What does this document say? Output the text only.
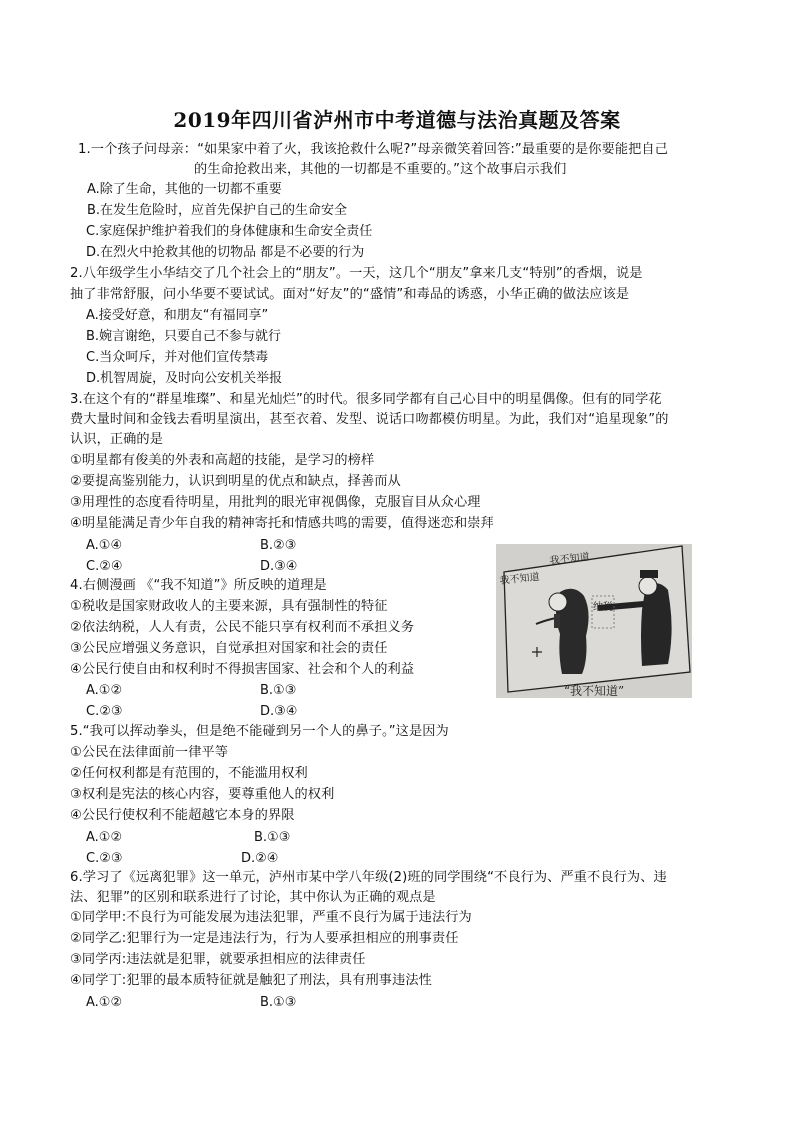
2019年四川省泸州市中考道德与法治真题及答案
1.一个孩子问母亲：“如果家中着了火，我该抢救什么呢?”母亲微笑着回答:”最重要的是你要能把自己
的生命抢救出来，其他的一切都是不重要的。”这个故事启示我们
A.除了生命，其他的一切都不重要
B.在发生危险时，应首先保护自己的生命安全
C.家庭保护维护着我们的身体健康和生命安全责任
D.在烈火中抢救其他的切物品 都是不必要的行为
2.八年级学生小华结交了几个社会上的“朋友”。一天，这几个“朋友”拿来几支“特别”的香烟，说是
抽了非常舒服，问小华要不要试试。面对“好友”的“盛情”和毒品的诱惑，小华正确的做法应该是
A.接受好意，和朋友“有福同享”
B.婉言谢绝，只要自己不参与就行
C.当众呵斥，并对他们宣传禁毒
D.机智周旋，及时向公安机关举报
3.在这个有的“群星堆璨”、和星光灿烂”的时代。很多同学都有自己心目中的明星偶像。但有的同学花
费大量时间和金钱去看明星演出，甚至衣着、发型、说话口吻都模仿明星。为此，我们对“追星现象”的
认识，正确的是
①明星都有俊美的外表和高超的技能，是学习的榜样
②要提高鉴别能力，认识到明星的优点和缺点，择善而从
③用理性的态度看待明星，用批判的眼光审视偶像，克服盲目从众心理
④明星能满足青少年自我的精神寄托和情感共鸣的需要，值得迷恋和崇拜
A.①④	B.②③
C.②④	D.③④
4.右侧漫画 《“我不知道”》所反映的道理是
①税收是国家财政收人的主要来源，具有强制性的特征
②依法纳税，人人有责，公民不能只享有权利而不承担义务
③公民应增强义务意识，自觉承担对国家和社会的责任
④公民行使自由和权利时不得损害国家、社会和个人的利益
A.①②	B.①③
C.②③	D.③④
纳税
我不知道
我不知道
“我不知道”
5.“我可以挥动拳头，但是绝不能碰到另一个人的鼻子。”这是因为
①公民在法律面前一律平等
②任何权利都是有范围的，不能滥用权利
③权利是宪法的核心内容，要尊重他人的权利
④公民行使权利不能超越它本身的界限
A.①②	B.①③
C.②③	D.②④
6.学习了《远离犯罪》这一单元，泸州市某中学八年级(2)班的同学围绕“不良行为、严重不良行为、违
法、犯罪”的区别和联系进行了讨论，其中你认为正确的观点是
①同学甲:不良行为可能发展为违法犯罪，严重不良行为属于违法行为
②同学乙:犯罪行为一定是违法行为，行为人要承担相应的刑事责任
③同学丙:违法就是犯罪，就要承担相应的法律责任
④同学丁:犯罪的最本质特征就是触犯了刑法，具有刑事违法性
A.①②	B.①③
